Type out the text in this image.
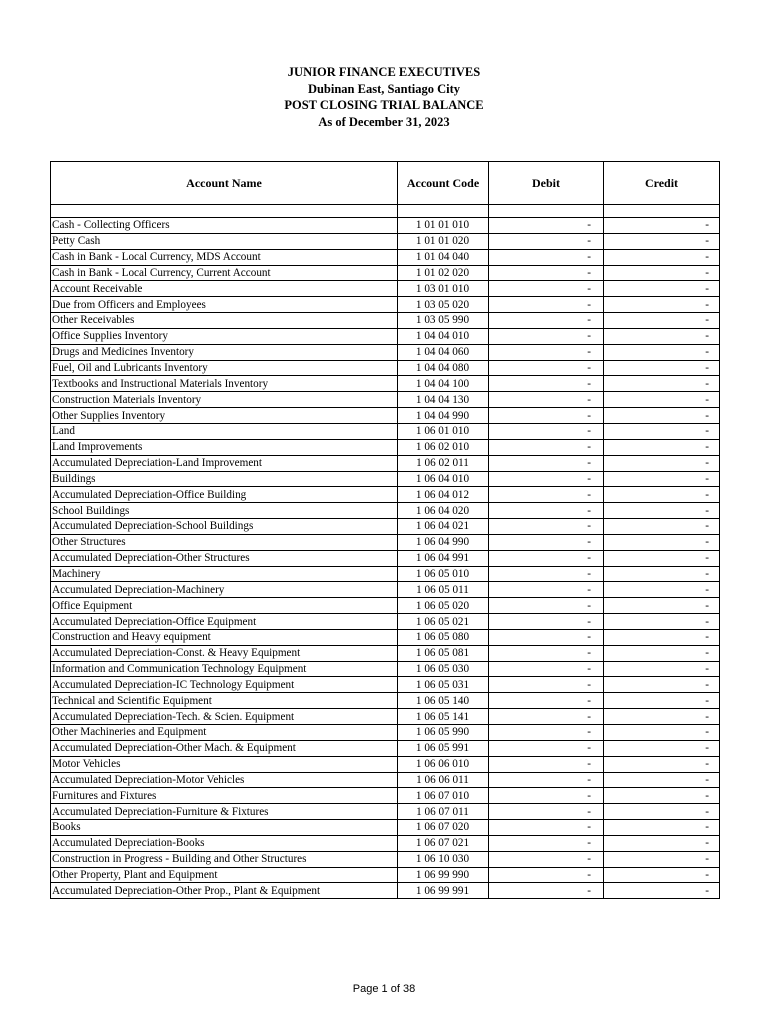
JUNIOR FINANCE EXECUTIVES
Dubinan East, Santiago City
POST CLOSING TRIAL BALANCE
As of December 31, 2023
Account Name	Account Code	Debit	Credit

Cash - Collecting Officers	1 01 01 010	-	-
Petty Cash	1 01 01 020	-	-
Cash in Bank - Local Currency, MDS Account	1 01 04 040	-	-
Cash in Bank - Local Currency, Current Account	1 01 02 020	-	-
Account Receivable	1 03 01 010	-	-
Due from Officers and Employees	1 03 05 020	-	-
Other Receivables	1 03 05 990	-	-
Office Supplies Inventory	1 04 04 010	-	-
Drugs and Medicines Inventory	1 04 04 060	-	-
Fuel, Oil and Lubricants Inventory	1 04 04 080	-	-
Textbooks and Instructional Materials Inventory	1 04 04 100	-	-
Construction Materials Inventory	1 04 04 130	-	-
Other Supplies Inventory	1 04 04 990	-	-
Land	1 06 01 010	-	-
Land Improvements	1 06 02 010	-	-
Accumulated Depreciation-Land Improvement	1 06 02 011	-	-
Buildings	1 06 04 010	-	-
Accumulated Depreciation-Office Building	1 06 04 012	-	-
School Buildings	1 06 04 020	-	-
Accumulated Depreciation-School Buildings	1 06 04 021	-	-
Other Structures	1 06 04 990	-	-
Accumulated Depreciation-Other Structures	1 06 04 991	-	-
Machinery	1 06 05 010	-	-
Accumulated Depreciation-Machinery	1 06 05 011	-	-
Office Equipment	1 06 05 020	-	-
Accumulated Depreciation-Office Equipment	1 06 05 021	-	-
Construction and Heavy equipment	1 06 05 080	-	-
Accumulated Depreciation-Const. & Heavy Equipment	1 06 05 081	-	-
Information and Communication Technology Equipment	1 06 05 030	-	-
Accumulated Depreciation-IC Technology Equipment	1 06 05 031	-	-
Technical and Scientific Equipment	1 06 05 140	-	-
Accumulated Depreciation-Tech. & Scien. Equipment	1 06 05 141	-	-
Other Machineries and Equipment	1 06 05 990	-	-
Accumulated Depreciation-Other Mach. & Equipment	1 06 05 991	-	-
Motor Vehicles	1 06 06 010	-	-
Accumulated Depreciation-Motor Vehicles	1 06 06 011	-	-
Furnitures and Fixtures	1 06 07 010	-	-
Accumulated Depreciation-Furniture & Fixtures	1 06 07 011	-	-
Books	1 06 07 020	-	-
Accumulated Depreciation-Books	1 06 07 021	-	-
Construction in Progress - Building and Other Structures	1 06 10 030	-	-
Other Property, Plant and Equipment	1 06 99 990	-	-
Accumulated Depreciation-Other Prop., Plant & Equipment	1 06 99 991	-	-
Page 1 of 38
